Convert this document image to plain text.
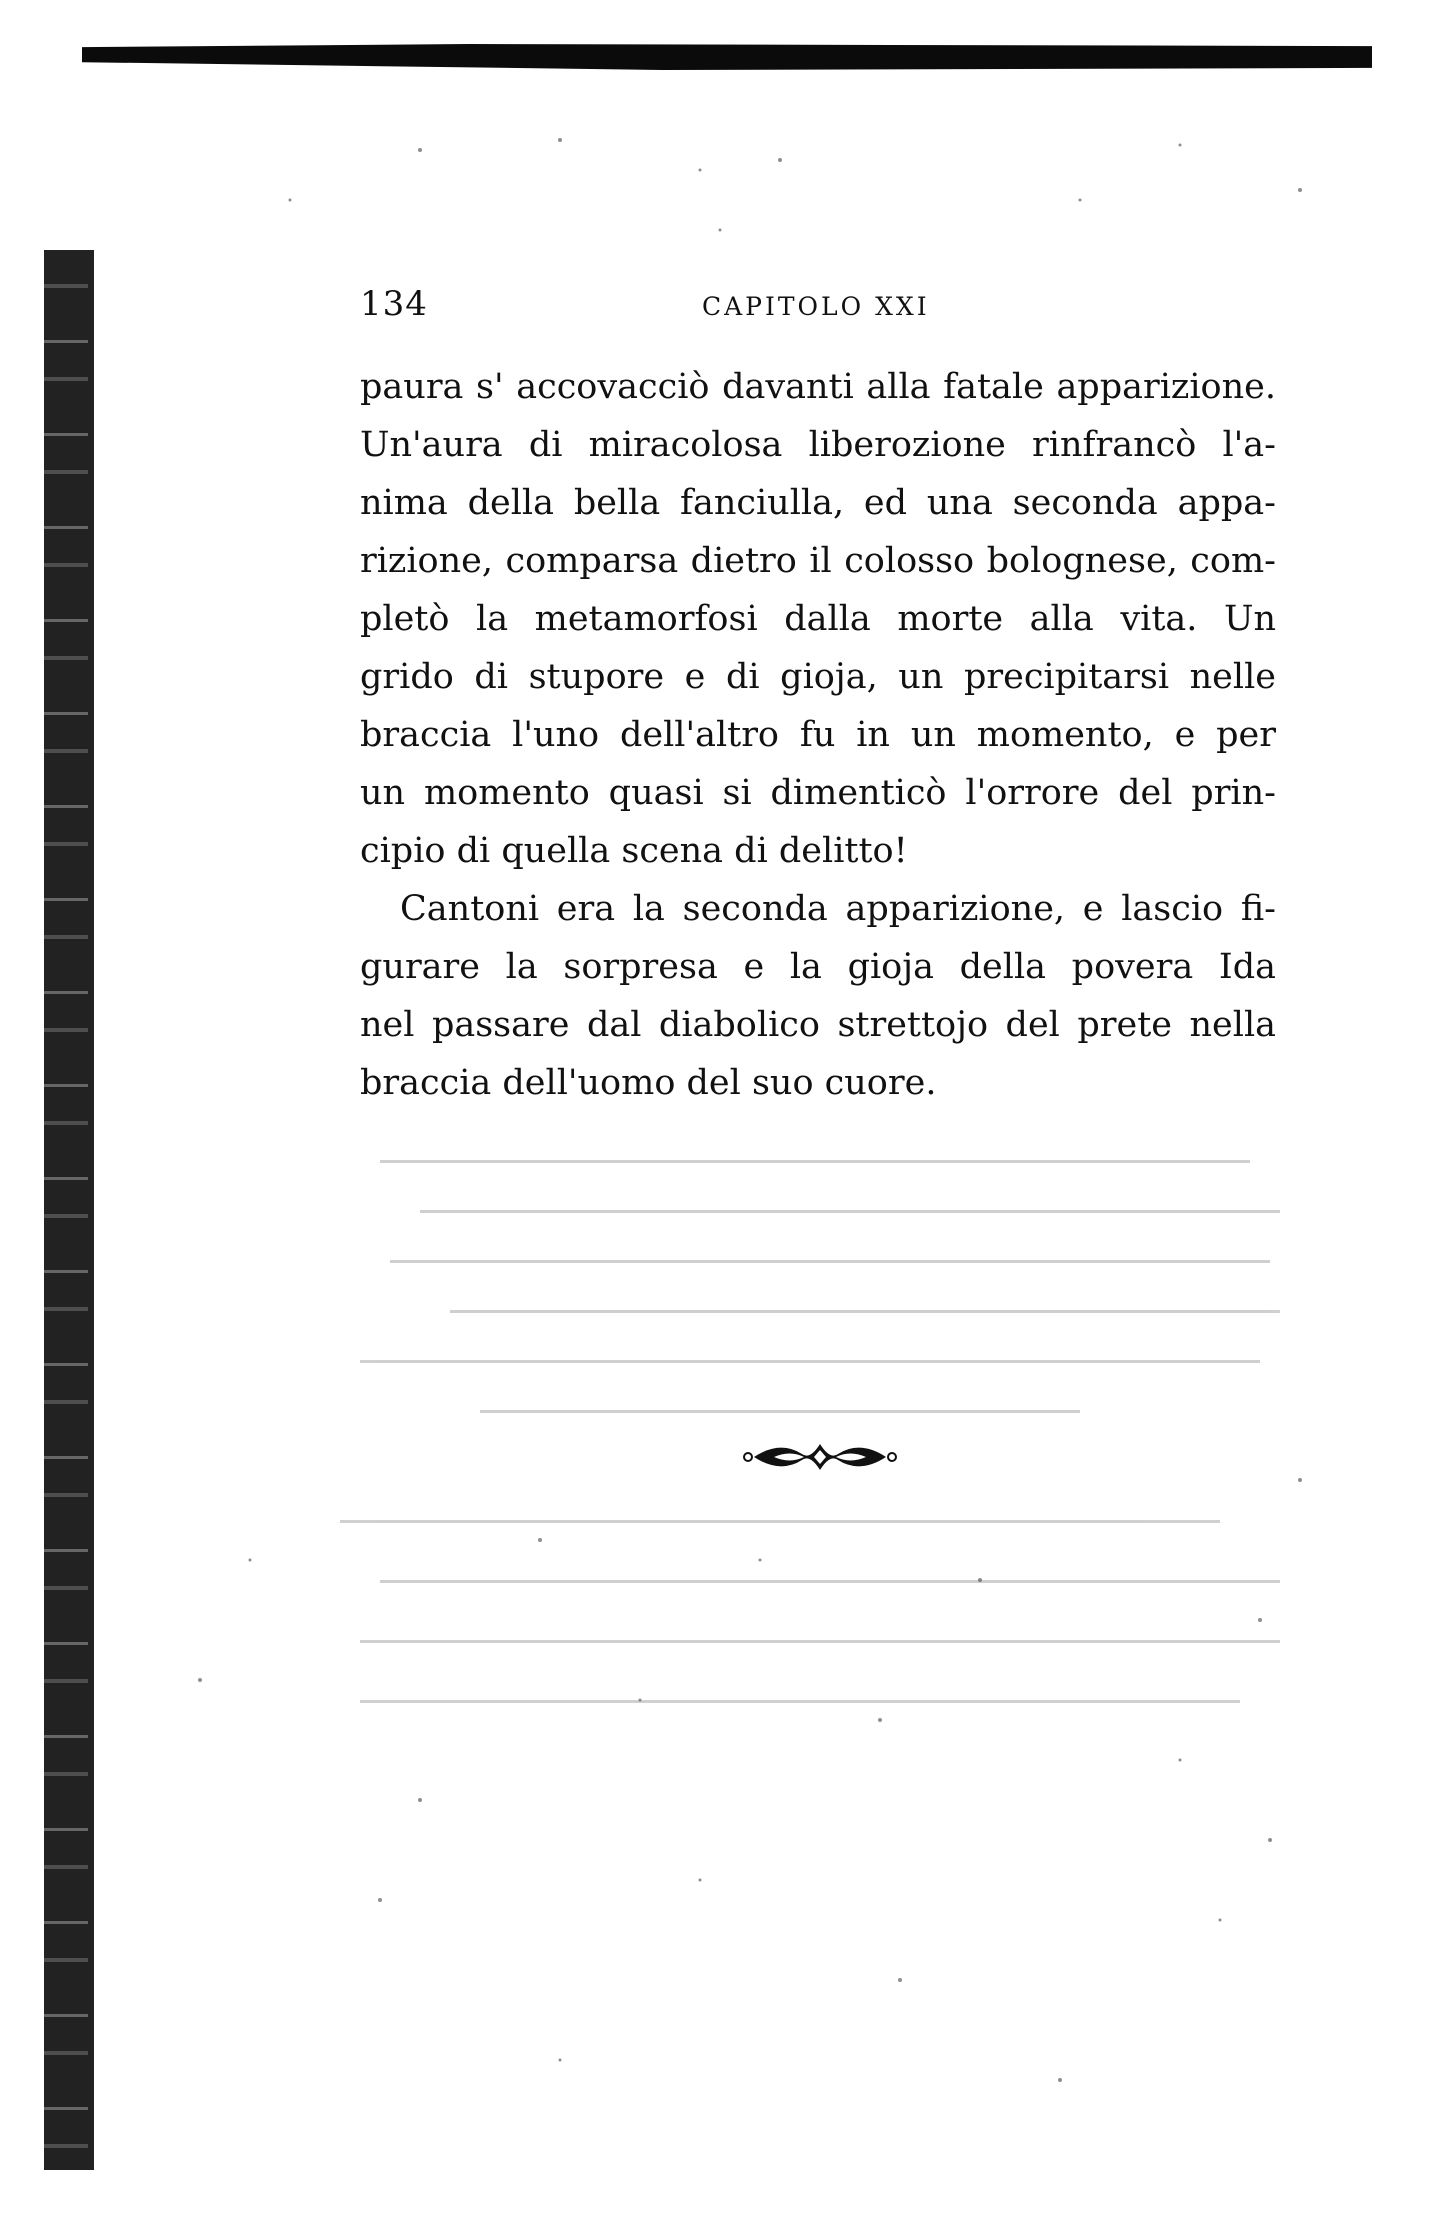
134	CAPITOLO XXI
paura s' accovacciò davanti alla fatale apparizione.
Un'aura di miracolosa liberozione rinfrancò l'a-
nima della bella fanciulla, ed una seconda appa-
rizione, comparsa dietro il colosso bolognese, com-
pletò la metamorfosi dalla morte alla vita. Un
grido di stupore e di gioja, un precipitarsi nelle
braccia l'uno dell'altro fu in un momento, e per
un momento quasi si dimenticò l'orrore del prin-
cipio di quella scena di delitto!
Cantoni era la seconda apparizione, e lascio fi-
gurare la sorpresa e la gioja della povera Ida
nel passare dal diabolico strettojo del prete nella
braccia dell'uomo del suo cuore.
